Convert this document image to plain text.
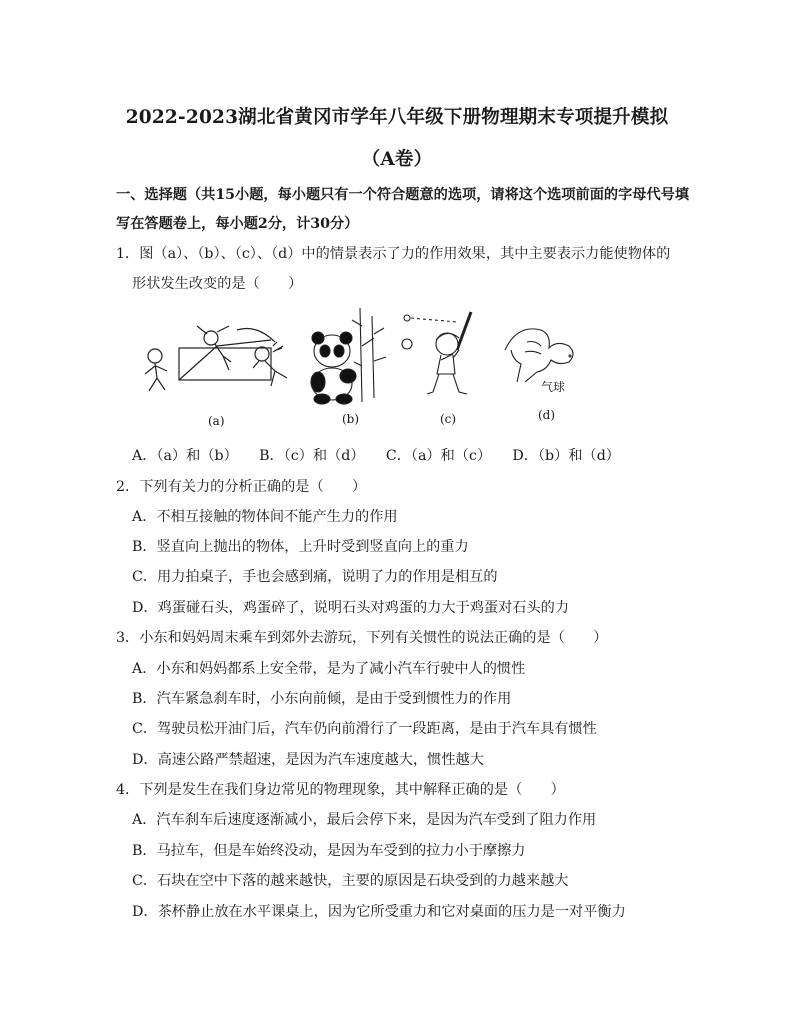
2022-2023湖北省黄冈市学年八年级下册物理期末专项提升模拟
（A卷）
一、选择题（共15小题，每小题只有一个符合题意的选项，请将这个选项前面的字母代号填
写在答题卷上，每小题2分，计30分）
1．图（a）、（b）、（c）、（d）中的情景表示了力的作用效果，其中主要表示力能使物体的
形状发生改变的是（　　）
气球
(a)	(b)	(c)	(d)
A．（a）和（b）　　B．（c）和（d）　　C．（a）和（c）　　D．（b）和（d）
2．下列有关力的分析正确的是（　　）
A．不相互接触的物体间不能产生力的作用
B．竖直向上抛出的物体，上升时受到竖直向上的重力
C．用力拍桌子，手也会感到痛，说明了力的作用是相互的
D．鸡蛋碰石头，鸡蛋碎了，说明石头对鸡蛋的力大于鸡蛋对石头的力
3．小东和妈妈周末乘车到郊外去游玩，下列有关惯性的说法正确的是（　　）
A．小东和妈妈都系上安全带，是为了减小汽车行驶中人的惯性
B．汽车紧急刹车时，小东向前倾，是由于受到惯性力的作用
C．驾驶员松开油门后，汽车仍向前滑行了一段距离，是由于汽车具有惯性
D．高速公路严禁超速，是因为汽车速度越大，惯性越大
4．下列是发生在我们身边常见的物理现象，其中解释正确的是（　　）
A．汽车刹车后速度逐渐减小，最后会停下来，是因为汽车受到了阻力作用
B．马拉车，但是车始终没动，是因为车受到的拉力小于摩擦力
C．石块在空中下落的越来越快，主要的原因是石块受到的力越来越大
D．茶杯静止放在水平课桌上，因为它所受重力和它对桌面的压力是一对平衡力
